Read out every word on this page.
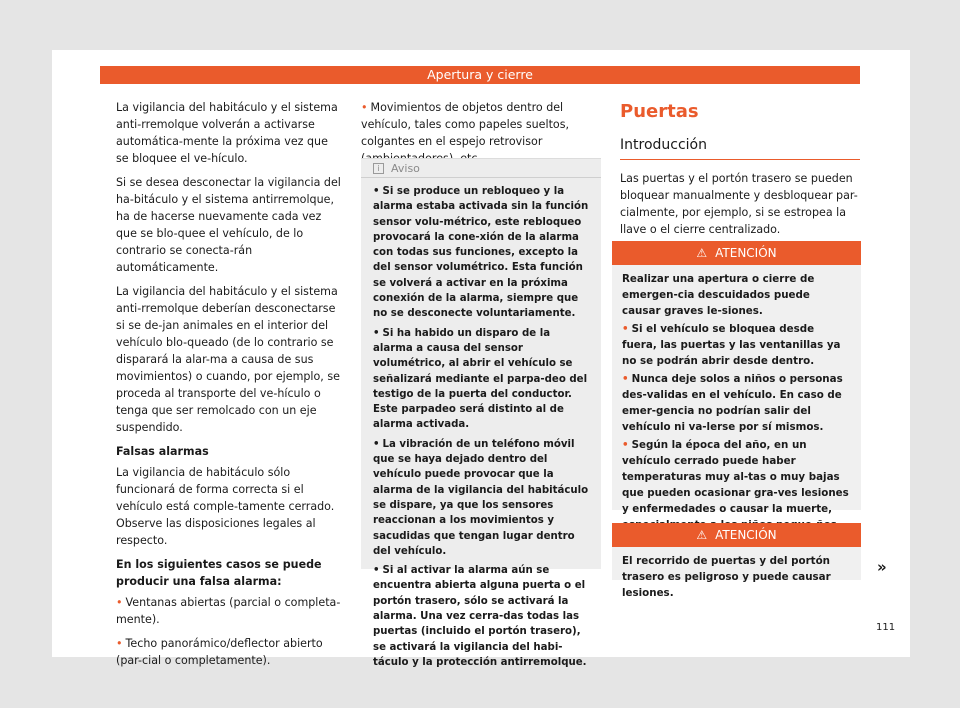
Apertura y cierre

La vigilancia del habitáculo y el sistema anti-rremolque volverán a activarse automática-mente la próxima vez que se bloquee el ve-hículo.

Si se desea desconectar la vigilancia del ha-bitáculo y el sistema antirremolque, ha de hacerse nuevamente cada vez que se blo-quee el vehículo, de lo contrario se conecta-rán automáticamente.

La vigilancia del habitáculo y el sistema anti-rremolque deberían desconectarse si se de-jan animales en el interior del vehículo blo-queado (de lo contrario se disparará la alar-ma a causa de sus movimientos) o cuando, por ejemplo, se proceda al transporte del ve-hículo o tenga que ser remolcado con un eje suspendido.

Falsas alarmas

La vigilancia de habitáculo sólo funcionará de forma correcta si el vehículo está comple-tamente cerrado. Observe las disposiciones legales al respecto.

En los siguientes casos se puede producir una falsa alarma:

• Ventanas abiertas (parcial o completa-mente).

• Techo panorámico/deflector abierto (par-cial o completamente).

• Movimientos de objetos dentro del vehículo, tales como papeles sueltos, colgantes en el espejo retrovisor

i	Aviso

• Si se produce un rebloqueo y la alarma estaba activada sin la función sensor volu-métrico, este rebloqueo provocará la cone-xión de la alarma con todas sus funciones, excepto la del sensor volumétrico. Esta función se volverá a activar en la próxima conexión de la alarma, siempre que no se desconecte voluntariamente.

• Si ha habido un disparo de la alarma a causa del sensor volumétrico, al abrir el vehículo se señalizará mediante el parpa-deo del testigo de la puerta del conductor. Este parpadeo será distinto al de alarma activada.

• La vibración de un teléfono móvil que se haya dejado dentro del vehículo puede provocar que la alarma de la vigilancia del habitáculo se dispare, ya que los sensores reaccionan a los movimientos y sacudidas que tengan lugar dentro del vehículo.

• Si al activar la alarma aún se encuentra abierta alguna puerta o el portón trasero, sólo se activará la alarma. Una vez cerra-das todas las puertas (incluido el portón trasero), se activará la vigilancia del habi-táculo y la protección antirremolque.

Puertas
Introducción

Las puertas y el portón trasero se pueden bloquear manualmente y desbloquear par-cialmente, por ejemplo, si se estropea la llave o el cierre centralizado.

⚠ ATENCIÓN

Realizar una apertura o cierre de emergen-cia descuidados puede causar graves le-siones.

• Si el vehículo se bloquea desde fuera, las puertas y las ventanillas ya no se podrán abrir desde dentro.

• Nunca deje solos a niños o personas des-validas en el vehículo. En caso de emer-gencia no podrían salir del vehículo ni va-lerse por sí mismos.

• Según la época del año, en un vehículo cerrado puede haber temperaturas muy al-tas o muy bajas que pueden ocasionar gra-ves lesiones y enfermedades o causar la muerte,

⚠ ATENCIÓN

El recorrido de puertas y del portón trasero es peligroso y puede causar lesiones.

»
111
